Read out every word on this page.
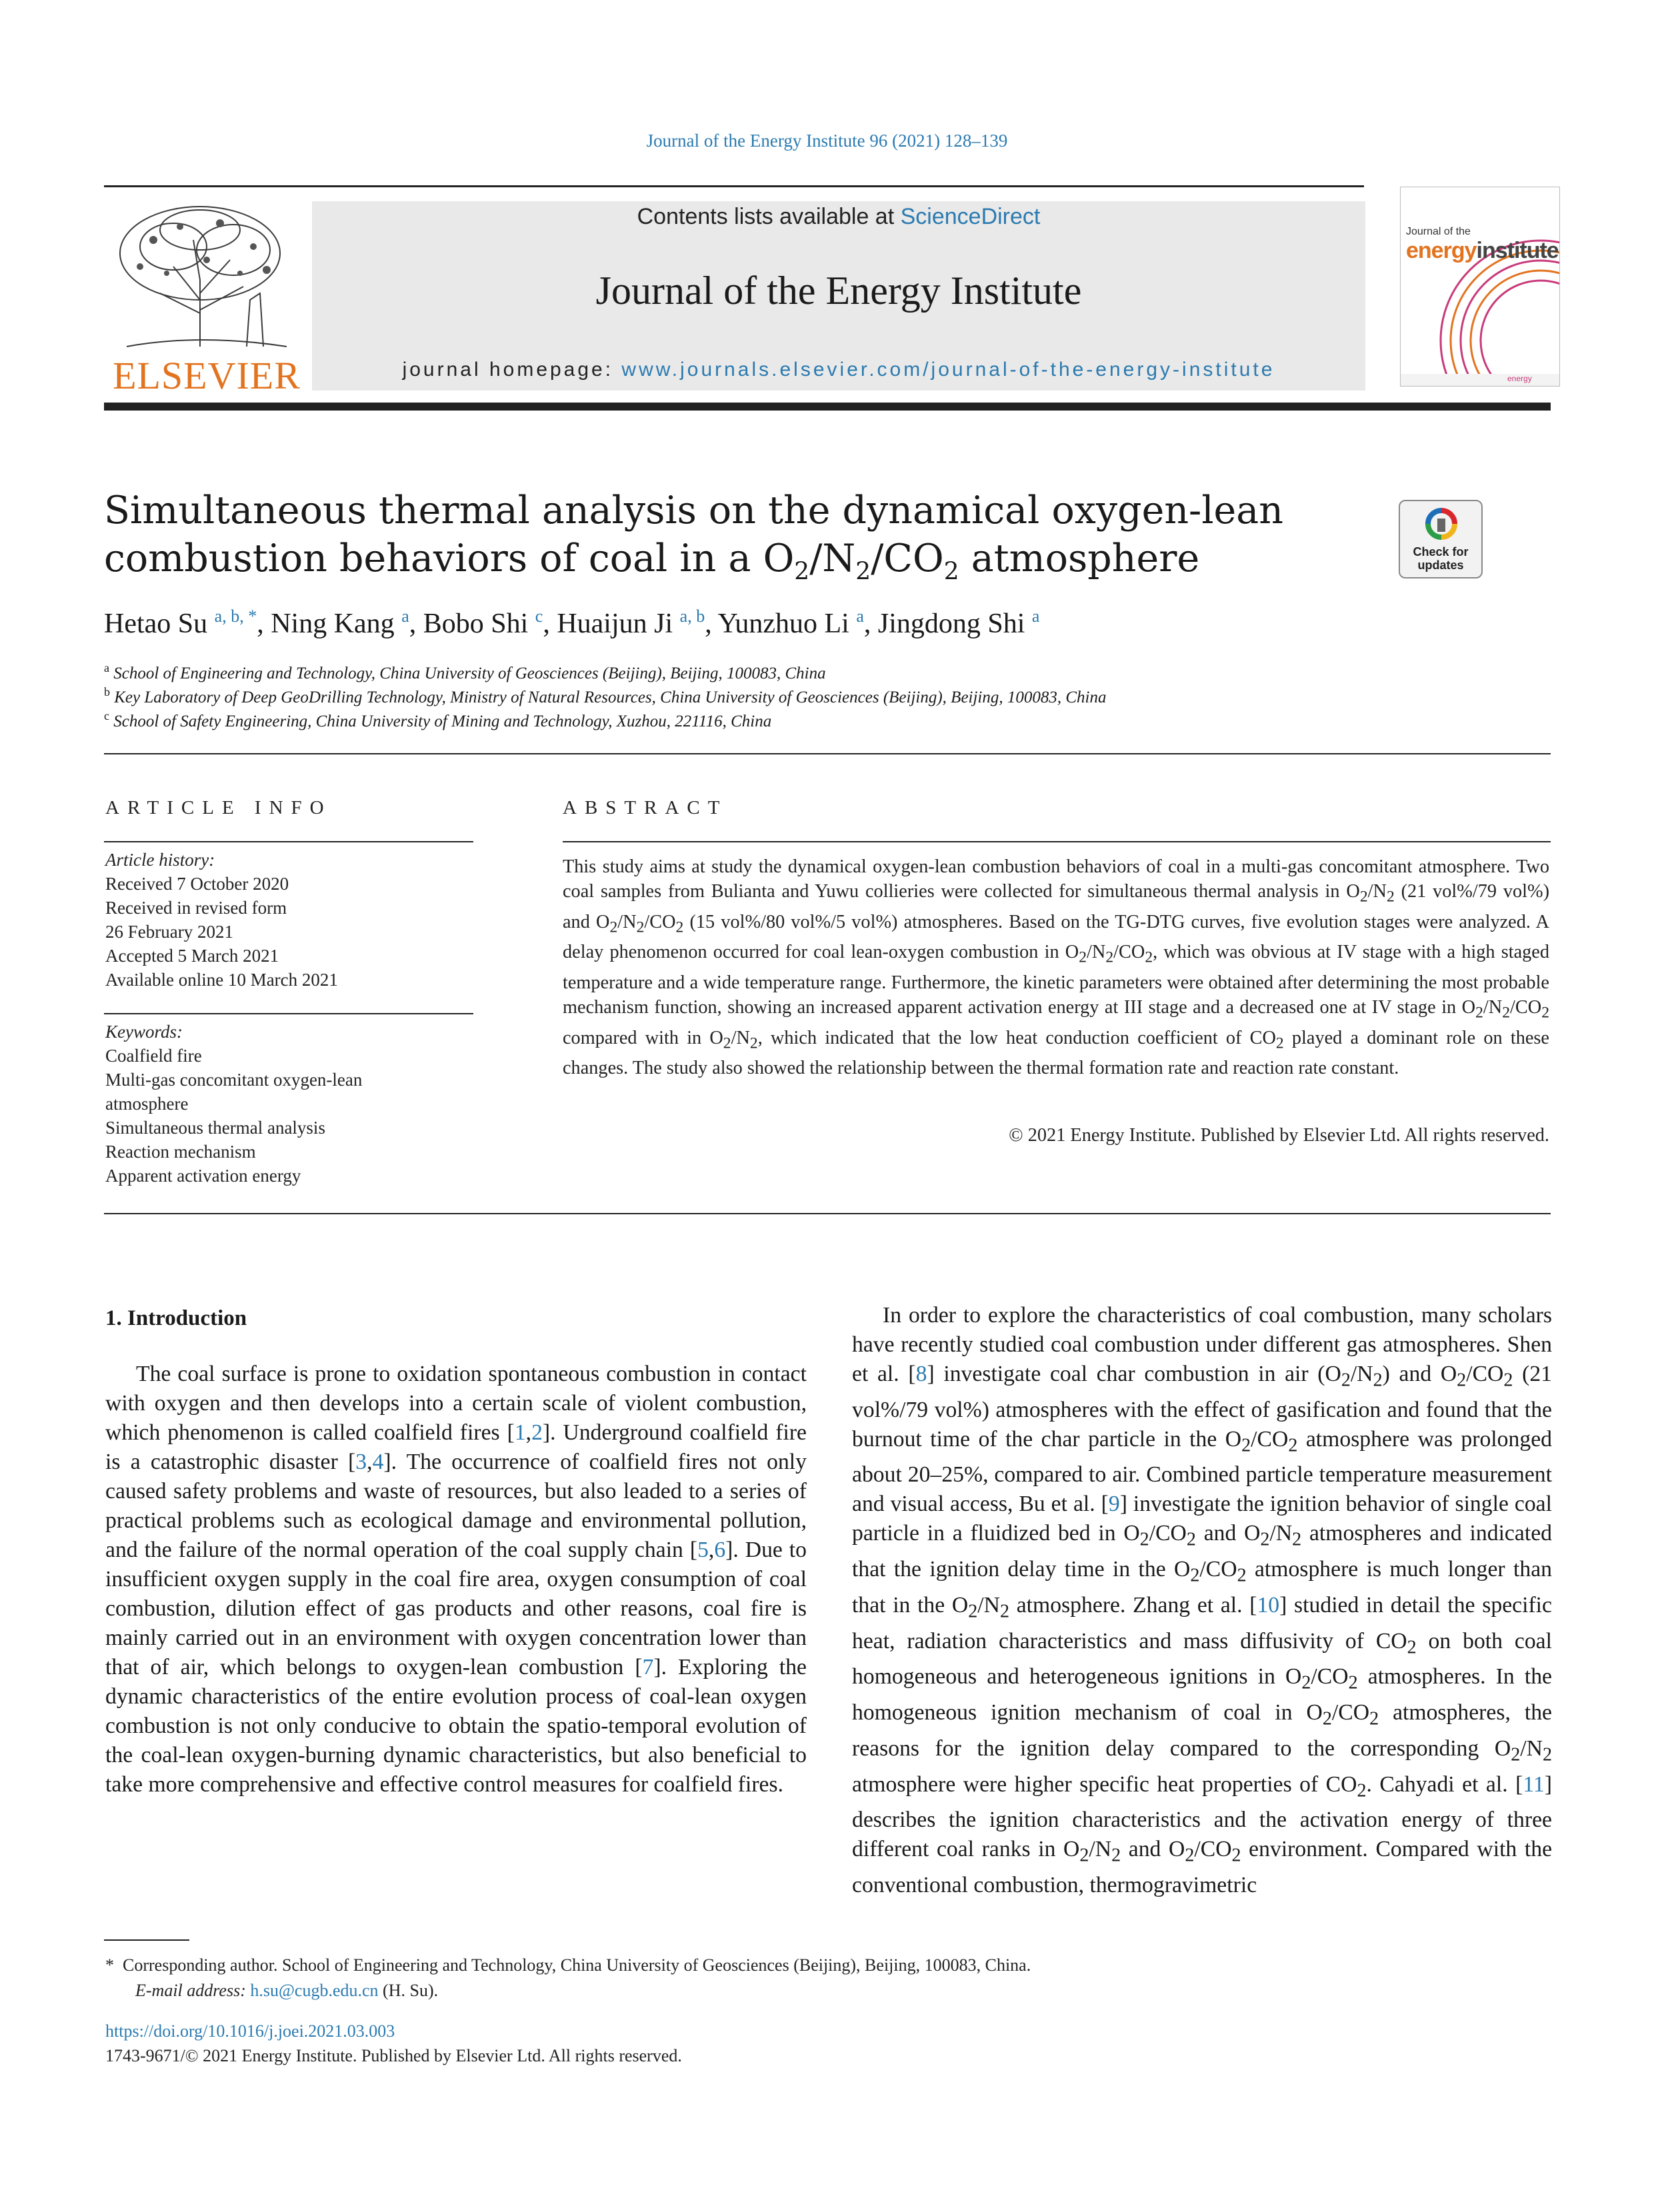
Journal of the Energy Institute 96 (2021) 128–139
ELSEVIER
Contents lists available at ScienceDirect
Journal of the Energy Institute
journal homepage: www.journals.elsevier.com/journal-of-the-energy-institute
Journal of the
energyinstitute
energy
Simultaneous thermal analysis on the dynamical oxygen-lean
combustion behaviors of coal in a $O_2/N_2/CO_2$ atmosphere	Check for
updates
Hetao Su $^{a, b, *}$, Ning Kang $^a$, Bobo Shi $^c$, Huaijun Ji $^{a, b}$, Yunzhuo Li $^a$, Jingdong Shi $^a$
$^a$ School of Engineering and Technology, China University of Geosciences (Beijing), Beijing, 100083, China
$^b$ Key Laboratory of Deep GeoDrilling Technology, Ministry of Natural Resources, China University of Geosciences (Beijing), Beijing, 100083, China
$^c$ School of Safety Engineering, China University of Mining and Technology, Xuzhou, 221116, China
ARTICLE INFO
Article history:
Received 7 October 2020
Received in revised form
26 February 2021
Accepted 5 March 2021
Available online 10 March 2021
Keywords:
Coalfield fire
Multi-gas concomitant oxygen-lean
atmosphere
Simultaneous thermal analysis
Reaction mechanism
Apparent activation energy
ABSTRACT
This study aims at study the dynamical oxygen-lean combustion behaviors of coal in a multi-gas concomitant atmosphere. Two coal samples from Bulianta and Yuwu collieries were collected for simultaneous thermal analysis in $O_2/N_2$ (21 vol%/79 vol%) and $O_2/N_2/CO_2$ (15 vol%/80 vol%/5 vol%) atmospheres. Based on the TG-DTG curves, five evolution stages were analyzed. A delay phenomenon occurred for coal lean-oxygen combustion in $O_2/N_2/CO_2$, which was obvious at IV stage with a high staged temperature and a wide temperature range. Furthermore, the kinetic parameters were obtained after determining the most probable mechanism function, showing an increased apparent activation energy at III stage and a decreased one at IV stage in $O_2/N_2/CO_2$ compared with in $O_2/N_2$, which indicated that the low heat conduction coefficient of $CO_2$ played a dominant role on these changes. The study also showed the relationship between the thermal formation rate and reaction rate constant.
© 2021 Energy Institute. Published by Elsevier Ltd. All rights reserved.
1. Introduction

The coal surface is prone to oxidation spontaneous combustion in contact with oxygen and then develops into a certain scale of violent combustion, which phenomenon is called coalfield fires [1,2]. Underground coalfield fire is a catastrophic disaster [3,4]. The occurrence of coalfield fires not only caused safety problems and waste of resources, but also leaded to a series of practical problems such as ecological damage and environmental pollution, and the failure of the normal operation of the coal supply chain [5,6]. Due to insufficient oxygen supply in the coal fire area, oxygen consumption of coal combustion, dilution effect of gas products and other reasons, coal fire is mainly carried out in an environment with oxygen concentration lower than that of air, which belongs to oxygen-lean combustion [7]. Exploring the dynamic characteristics of the entire evolution process of coal-lean oxygen combustion is not only conducive to obtain the spatio-temporal evolution of the coal-lean oxygen-burning dynamic characteristics, but also beneficial to take more comprehensive and effective control measures for coalfield fires.

In order to explore the characteristics of coal combustion, many scholars have recently studied coal combustion under different gas atmospheres. Shen et al. [8] investigate coal char combustion in air $(O_2/N_2)$ and $O_2/CO_2$ (21 vol%/79 vol%) atmospheres with the effect of gasification and found that the burnout time of the char particle in the $O_2/CO_2$ atmosphere was prolonged about 20–25%, compared to air. Combined particle temperature measurement and visual access, Bu et al. [9] investigate the ignition behavior of single coal particle in a fluidized bed in $O_2/CO_2$ and $O_2/N_2$ atmospheres and indicated that the ignition delay time in the $O_2/CO_2$ atmosphere is much longer than that in the $O_2/N_2$ atmosphere. Zhang et al. [10] studied in detail the specific heat, radiation characteristics and mass diffusivity of $CO_2$ on both coal homogeneous and heterogeneous ignitions in $O_2/CO_2$ atmospheres. In the homogeneous ignition mechanism of coal in $O_2/CO_2$ atmospheres, the reasons for the ignition delay compared to the corresponding $O_2/N_2$ atmosphere were higher specific heat properties of $CO_2$. Cahyadi et al. [11] describes the ignition characteristics and the activation energy of three different coal ranks in $O_2/N_2$ and $O_2/CO_2$ environment. Compared with the conventional combustion, thermogravimetric

* Corresponding author. School of Engineering and Technology, China University of Geosciences (Beijing), Beijing, 100083, China.
E-mail address: h.su@cugb.edu.cn (H. Su).
https://doi.org/10.1016/j.joei.2021.03.003
1743-9671/© 2021 Energy Institute. Published by Elsevier Ltd. All rights reserved.
